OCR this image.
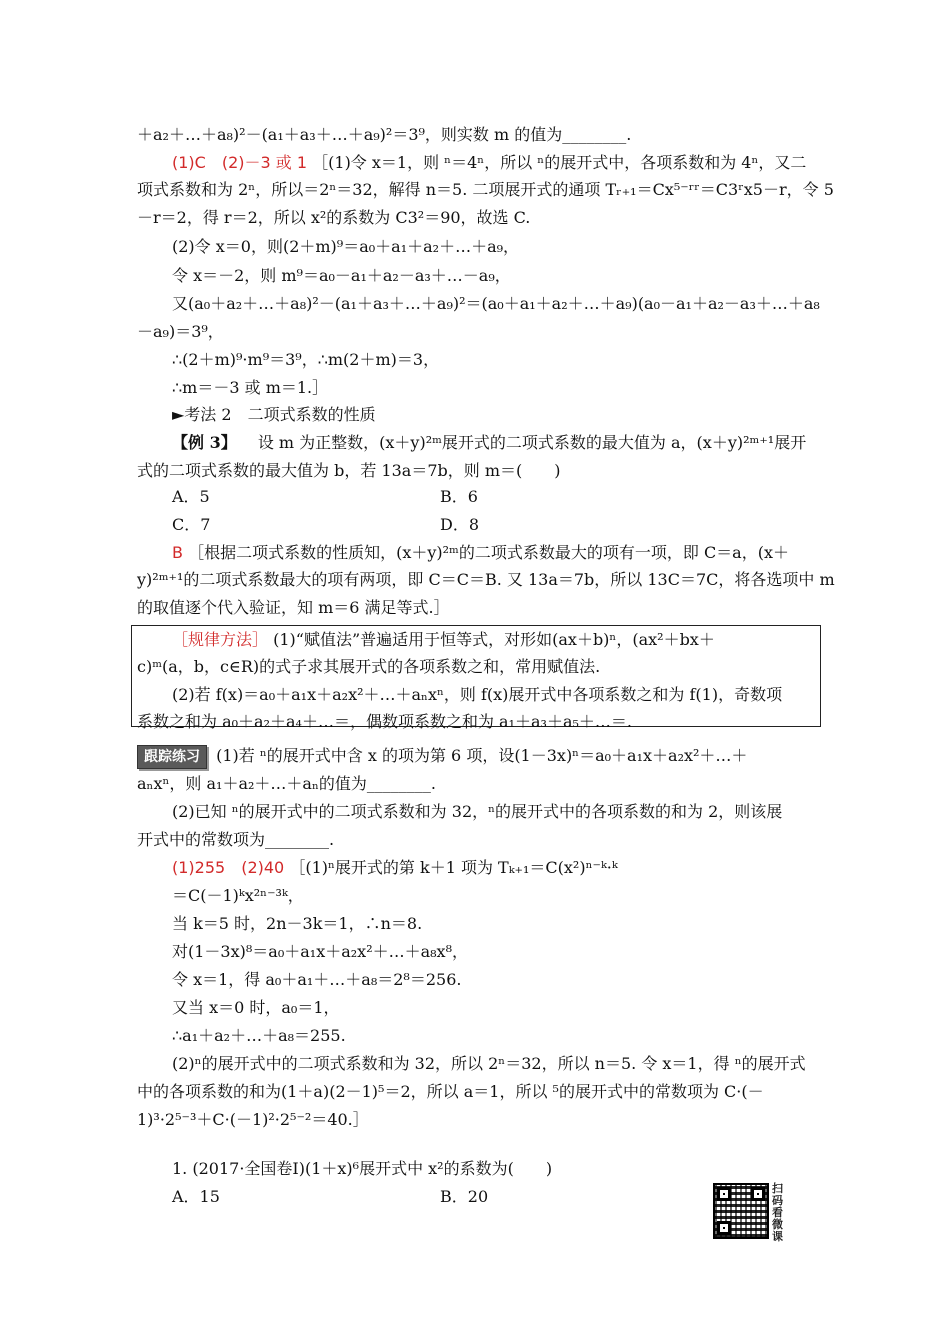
＋a₂＋…＋a₈)²－(a₁＋a₃＋…＋a₉)²＝3⁹，则实数 m 的值为________.
(1)C　(2)－3 或 1 ［(1)令 x＝1，则 ⁿ＝4ⁿ，所以 ⁿ的展开式中，各项系数和为 4ⁿ，又二
项式系数和为 2ⁿ，所以＝2ⁿ＝32，解得 n＝5. 二项展开式的通项 Tᵣ₊₁＝Cx⁵⁻ʳʳ＝C3ʳx5－r，令 5
－r＝2，得 r＝2，所以 x²的系数为 C3²＝90，故选 C.
(2)令 x＝0，则(2＋m)⁹＝a₀＋a₁＋a₂＋…＋a₉，
令 x＝－2，则 m⁹＝a₀－a₁＋a₂－a₃＋…－a₉，
又(a₀＋a₂＋…＋a₈)²－(a₁＋a₃＋…＋a₉)²＝(a₀＋a₁＋a₂＋…＋a₉)(a₀－a₁＋a₂－a₃＋…＋a₈
－a₉)＝3⁹，
∴(2＋m)⁹·m⁹＝3⁹，∴m(2＋m)＝3，
∴m＝－3 或 m＝1.］
►考法 2　二项式系数的性质
【例 3】 　设 m 为正整数，(x＋y)²ᵐ展开式的二项式系数的最大值为 a，(x＋y)²ᵐ⁺¹展开
式的二项式系数的最大值为 b，若 13a＝7b，则 m＝(　　)
A．5	B．6
C．7	D．8
B ［根据二项式系数的性质知，(x＋y)²ᵐ的二项式系数最大的项有一项，即 C＝a，(x＋
y)²ᵐ⁺¹的二项式系数最大的项有两项，即 C＝C＝B. 又 13a＝7b，所以 13C＝7C，将各选项中 m
的取值逐个代入验证，知 m＝6 满足等式.］
［规律方法］ (1)“赋值法”普遍适用于恒等式，对形如(ax＋b)ⁿ，(ax²＋bx＋
c)ᵐ(a，b，c∈R)的式子求其展开式的各项系数之和，常用赋值法.
(2)若 f(x)＝a₀＋a₁x＋a₂x²＋…＋aₙxⁿ，则 f(x)展开式中各项系数之和为 f(1)，奇数项
系数之和为 a₀＋a₂＋a₄＋…＝，偶数项系数之和为 a₁＋a₃＋a₅＋…＝.
跟踪练习 (1)若 ⁿ的展开式中含 x 的项为第 6 项，设(1－3x)ⁿ＝a₀＋a₁x＋a₂x²＋…＋
aₙxⁿ，则 a₁＋a₂＋…＋aₙ的值为________.
(2)已知 ⁿ的展开式中的二项式系数和为 32，ⁿ的展开式中的各项系数的和为 2，则该展
开式中的常数项为________.
(1)255　(2)40 ［(1)ⁿ展开式的第 k＋1 项为 Tₖ₊₁＝C(x²)ⁿ⁻ᵏ·ᵏ
＝C(－1)ᵏx²ⁿ⁻³ᵏ，
当 k＝5 时，2n－3k＝1，∴n＝8.
对(1－3x)⁸＝a₀＋a₁x＋a₂x²＋…＋a₈x⁸，
令 x＝1，得 a₀＋a₁＋…＋a₈＝2⁸＝256.
又当 x＝0 时，a₀＝1，
∴a₁＋a₂＋…＋a₈＝255.
(2)ⁿ的展开式中的二项式系数和为 32，所以 2ⁿ＝32，所以 n＝5. 令 x＝1，得 ⁿ的展开式
中的各项系数的和为(1＋a)(2－1)⁵＝2，所以 a＝1，所以 ⁵的展开式中的常数项为 C·(－
1)³·2⁵⁻³＋C·(－1)²·2⁵⁻²＝40.］
1. (2017·全国卷Ⅰ)(1＋x)⁶展开式中 x²的系数为(　　)
A．15	B．20	扫码看微课
